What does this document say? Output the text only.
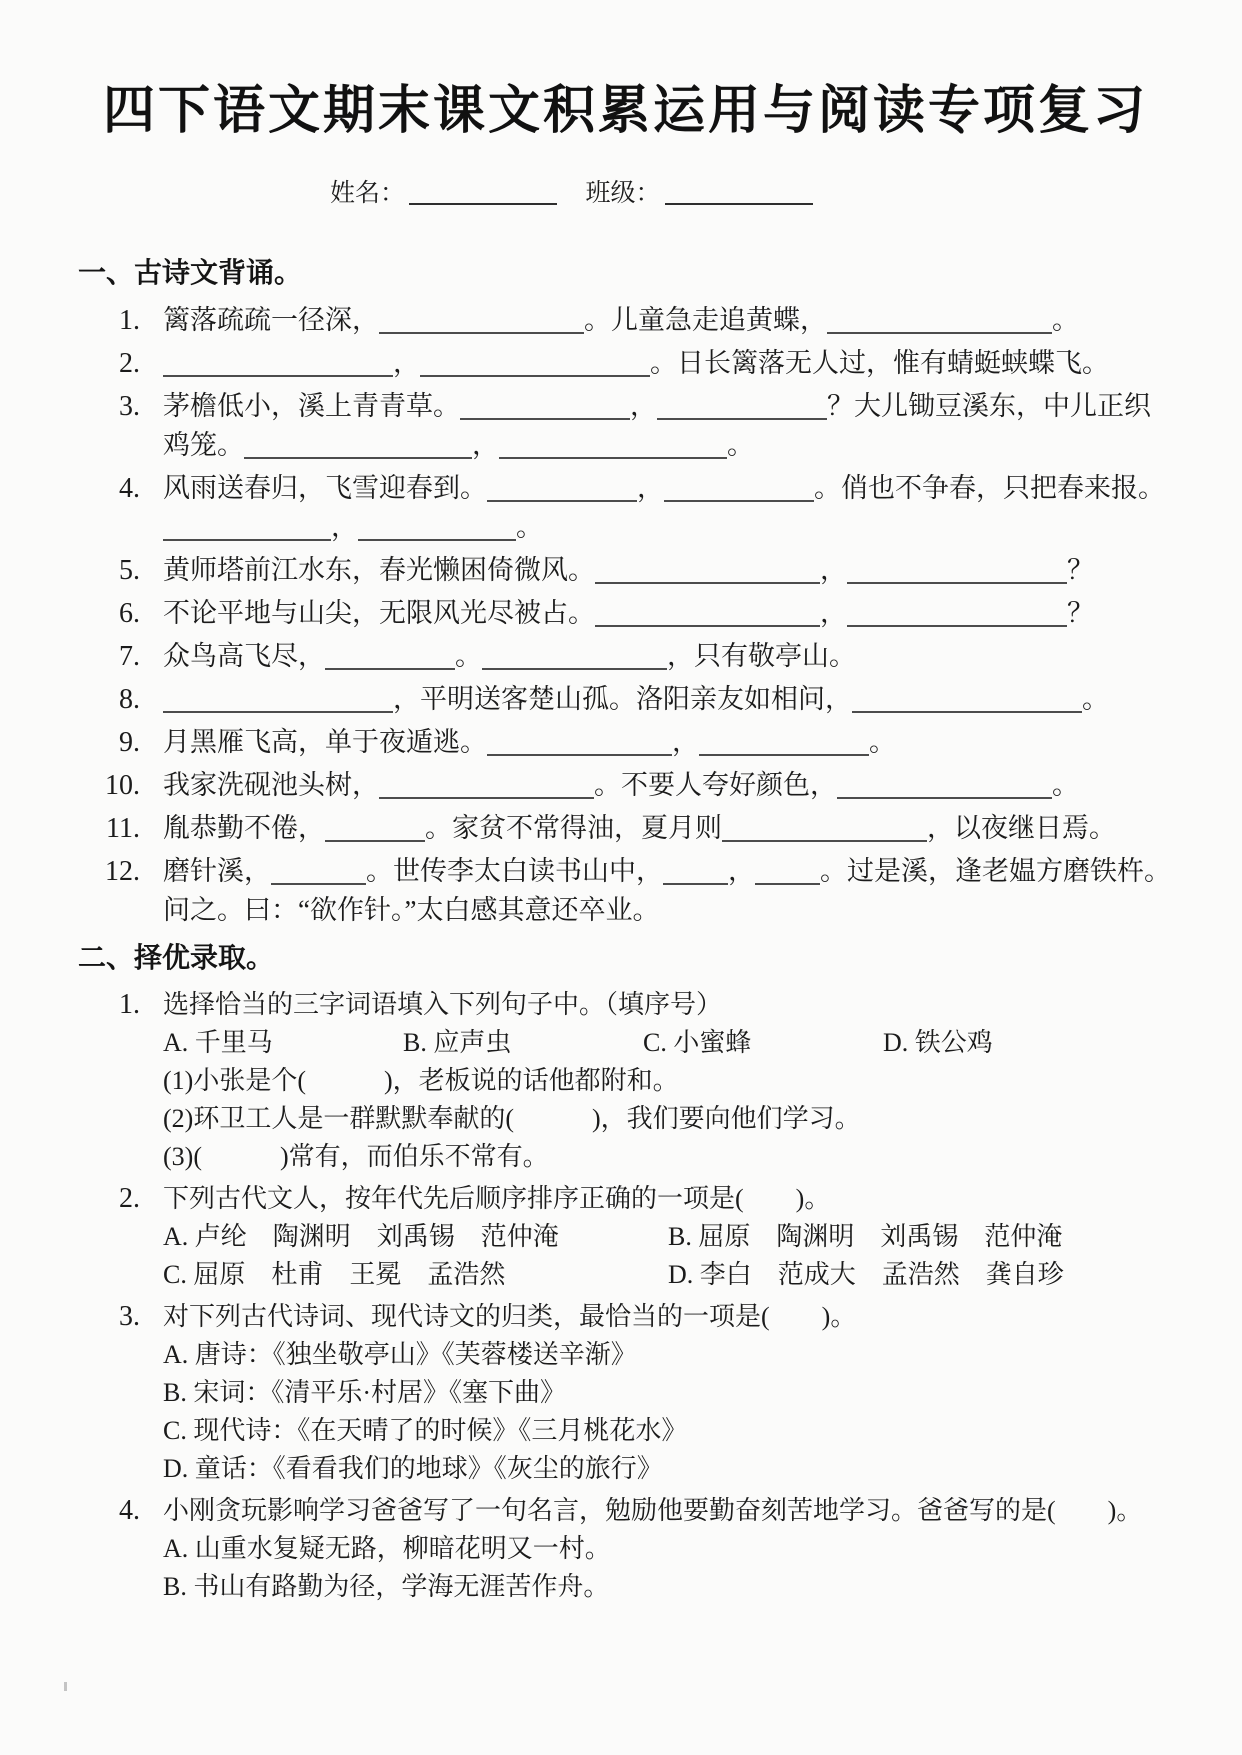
四下语文期末课文积累运用与阅读专项复习
姓名：	班级：
一、古诗文背诵。
1. 篱落疏疏一径深，	。儿童急走追黄蝶，	。
2.	，	。日长篱落无人过，惟有蜻蜓蛱蝶飞。
3. 茅檐低小，溪上青青草。	，	？大儿锄豆溪东，中儿正织鸡笼。	，	。
4. 风雨送春归，飞雪迎春到。	，	。俏也不争春，只把春来报。，	。
5. 黄师塔前江水东，春光懒困倚微风。	，	？
6. 不论平地与山尖，无限风光尽被占。	，	？
7. 众鸟高飞尽，	。	，只有敬亭山。
8.	，平明送客楚山孤。洛阳亲友如相问，	。
9. 月黑雁飞高，单于夜遁逃。	，	。
10. 我家洗砚池头树，	。不要人夸好颜色，	。
11. 胤恭勤不倦，	。家贫不常得油，夏月则	，以夜继日焉。
12. 磨针溪，	。世传李太白读书山中， ， 。过是溪，逢老媪方磨铁杵。问之。曰：“欲作针。”太白感其意还卒业。
二、择优录取。
1. 选择恰当的三字词语填入下列句子中。（填序号）
A. 千里马	B. 应声虫	C. 小蜜蜂	D. 铁公鸡
(1)小张是个(　　　)，老板说的话他都附和。
(2)环卫工人是一群默默奉献的(　　　)，我们要向他们学习。
(3)(　　　)常有，而伯乐不常有。
2. 下列古代文人，按年代先后顺序排序正确的一项是(　　)。
A. 卢纶　陶渊明　刘禹锡　范仲淹	B. 屈原　陶渊明　刘禹锡　范仲淹
C. 屈原　杜甫　王冕　孟浩然	D. 李白　范成大　孟浩然　龚自珍
3. 对下列古代诗词、现代诗文的归类，最恰当的一项是(　　)。
A. 唐诗：《独坐敬亭山》《芙蓉楼送辛渐》
B. 宋词：《清平乐·村居》《塞下曲》
C. 现代诗：《在天晴了的时候》《三月桃花水》
D. 童话：《看看我们的地球》《灰尘的旅行》
4. 小刚贪玩影响学习爸爸写了一句名言，勉励他要勤奋刻苦地学习。爸爸写的是(　　)。
A. 山重水复疑无路，柳暗花明又一村。
B. 书山有路勤为径，学海无涯苦作舟。
